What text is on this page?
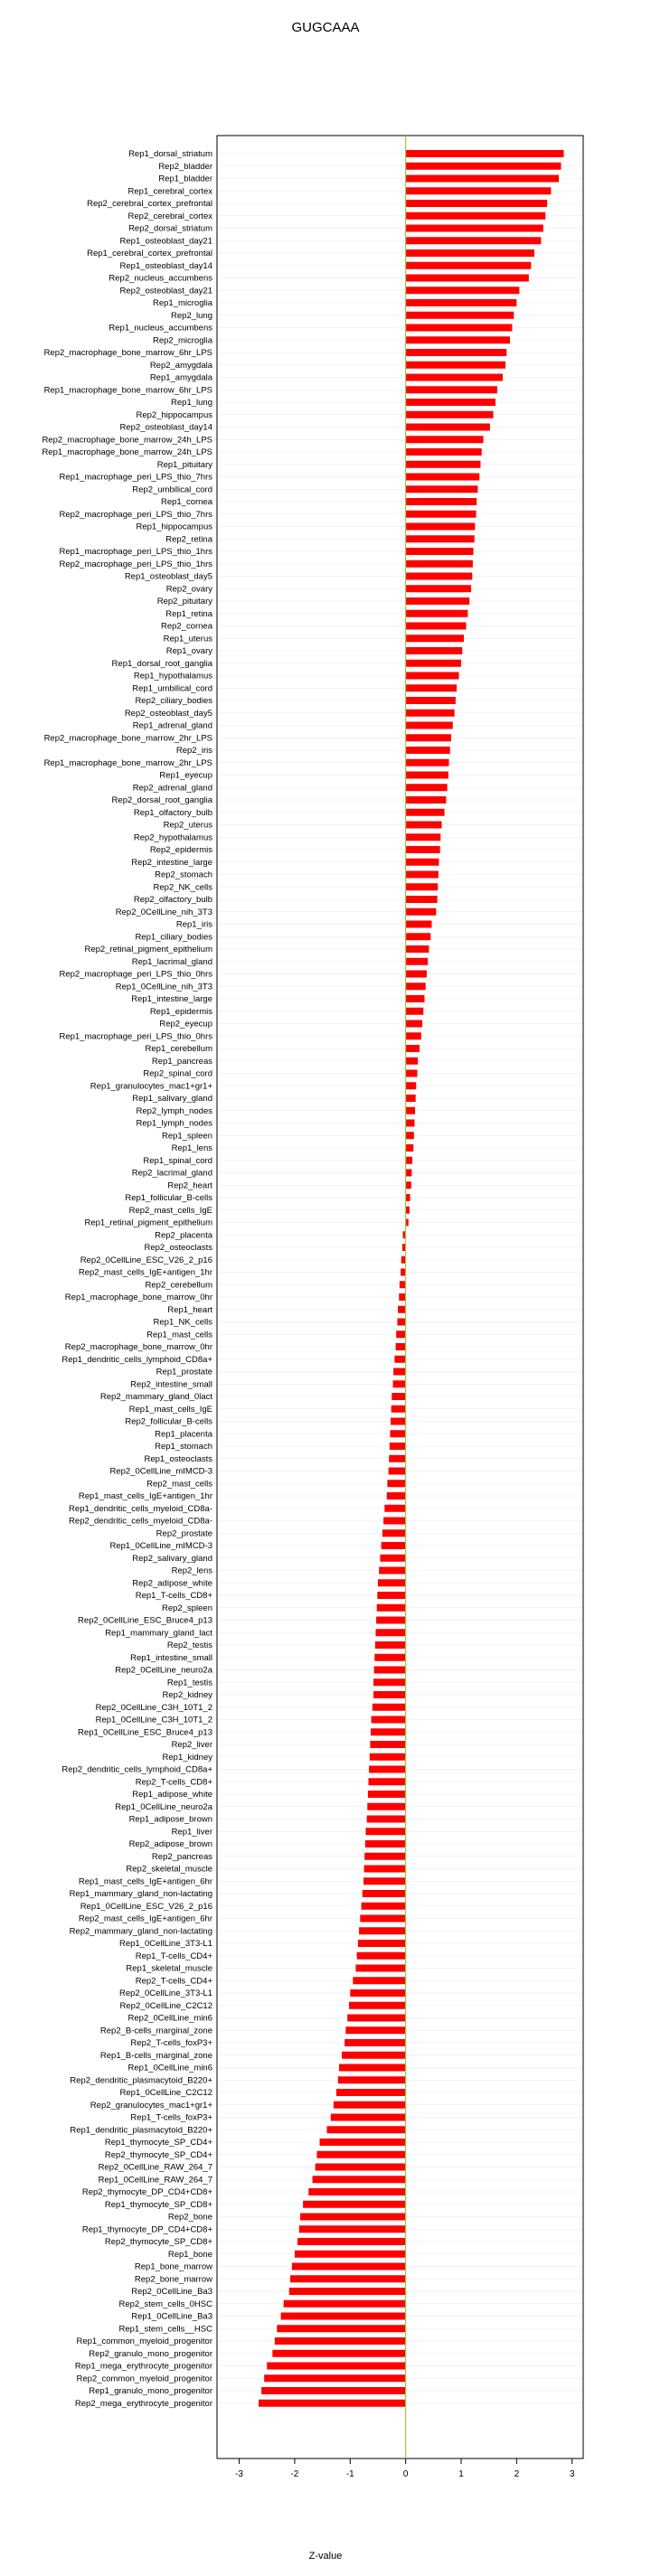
GUGCAAA
Rep1_dorsal_striatum
Rep2_bladder
Rep1_bladder
Rep1_cerebral_cortex
Rep2_cerebral_cortex_prefrontal
Rep2_cerebral_cortex
Rep2_dorsal_striatum
Rep1_osteoblast_day21
Rep1_cerebral_cortex_prefrontal
Rep1_osteoblast_day14
Rep2_nucleus_accumbens
Rep2_osteoblast_day21
Rep1_microglia
Rep2_lung
Rep1_nucleus_accumbens
Rep2_microglia
Rep2_macrophage_bone_marrow_6hr_LPS
Rep2_amygdala
Rep1_amygdala
Rep1_macrophage_bone_marrow_6hr_LPS
Rep1_lung
Rep2_hippocampus
Rep2_osteoblast_day14
Rep2_macrophage_bone_marrow_24h_LPS
Rep1_macrophage_bone_marrow_24h_LPS
Rep1_pituitary
Rep1_macrophage_peri_LPS_thio_7hrs
Rep2_umbilical_cord
Rep1_cornea
Rep2_macrophage_peri_LPS_thio_7hrs
Rep1_hippocampus
Rep2_retina
Rep1_macrophage_peri_LPS_thio_1hrs
Rep2_macrophage_peri_LPS_thio_1hrs
Rep1_osteoblast_day5
Rep2_ovary
Rep2_pituitary
Rep1_retina
Rep2_cornea
Rep1_uterus
Rep1_ovary
Rep1_dorsal_root_ganglia
Rep1_hypothalamus
Rep1_umbilical_cord
Rep2_ciliary_bodies
Rep2_osteoblast_day5
Rep1_adrenal_gland
Rep2_macrophage_bone_marrow_2hr_LPS
Rep2_iris
Rep1_macrophage_bone_marrow_2hr_LPS
Rep1_eyecup
Rep2_adrenal_gland
Rep2_dorsal_root_ganglia
Rep1_olfactory_bulb
Rep2_uterus
Rep2_hypothalamus
Rep2_epidermis
Rep2_intestine_large
Rep2_stomach
Rep2_NK_cells
Rep2_olfactory_bulb
Rep2_0CellLine_nih_3T3
Rep1_iris
Rep1_ciliary_bodies
Rep2_retinal_pigment_epithelium
Rep1_lacrimal_gland
Rep2_macrophage_peri_LPS_thio_0hrs
Rep1_0CellLine_nih_3T3
Rep1_intestine_large
Rep1_epidermis
Rep2_eyecup
Rep1_macrophage_peri_LPS_thio_0hrs
Rep1_cerebellum
Rep1_pancreas
Rep2_spinal_cord
Rep1_granulocytes_mac1+gr1+
Rep1_salivary_gland
Rep2_lymph_nodes
Rep1_lymph_nodes
Rep1_spleen
Rep1_lens
Rep1_spinal_cord
Rep2_lacrimal_gland
Rep2_heart
Rep1_follicular_B-cells
Rep2_mast_cells_IgE
Rep1_retinal_pigment_epithelium
Rep2_placenta
Rep2_osteoclasts
Rep2_0CellLine_ESC_V26_2_p16
Rep2_mast_cells_IgE+antigen_1hr
Rep2_cerebellum
Rep1_macrophage_bone_marrow_0hr
Rep1_heart
Rep1_NK_cells
Rep1_mast_cells
Rep2_macrophage_bone_marrow_0hr
Rep1_dendritic_cells_lymphoid_CD8a+
Rep1_prostate
Rep2_intestine_small
Rep2_mammary_gland_0lact
Rep1_mast_cells_IgE
Rep2_follicular_B-cells
Rep1_placenta
Rep1_stomach
Rep1_osteoclasts
Rep2_0CellLine_mIMCD-3
Rep2_mast_cells
Rep1_mast_cells_IgE+antigen_1hr
Rep1_dendritic_cells_myeloid_CD8a-
Rep2_dendritic_cells_myeloid_CD8a-
Rep2_prostate
Rep1_0CellLine_mIMCD-3
Rep2_salivary_gland
Rep2_lens
Rep2_adipose_white
Rep1_T-cells_CD8+
Rep2_spleen
Rep2_0CellLine_ESC_Bruce4_p13
Rep1_mammary_gland_lact
Rep2_testis
Rep1_intestine_small
Rep2_0CellLine_neuro2a
Rep1_testis
Rep2_kidney
Rep2_0CellLine_C3H_10T1_2
Rep1_0CellLine_C3H_10T1_2
Rep1_0CellLine_ESC_Bruce4_p13
Rep2_liver
Rep1_kidney
Rep2_dendritic_cells_lymphoid_CD8a+
Rep2_T-cells_CD8+
Rep1_adipose_white
Rep1_0CellLine_neuro2a
Rep1_adipose_brown
Rep1_liver
Rep2_adipose_brown
Rep2_pancreas
Rep2_skeletal_muscle
Rep1_mast_cells_IgE+antigen_6hr
Rep1_mammary_gland_non-lactating
Rep1_0CellLine_ESC_V26_2_p16
Rep2_mast_cells_IgE+antigen_6hr
Rep2_mammary_gland_non-lactating
Rep1_0CellLine_3T3-L1
Rep1_T-cells_CD4+
Rep1_skeletal_muscle
Rep2_T-cells_CD4+
Rep2_0CellLine_3T3-L1
Rep2_0CellLine_C2C12
Rep2_0CellLine_min6
Rep2_B-cells_marginal_zone
Rep2_T-cells_foxP3+
Rep1_B-cells_marginal_zone
Rep1_0CellLine_min6
Rep2_dendritic_plasmacytoid_B220+
Rep1_0CellLine_C2C12
Rep2_granulocytes_mac1+gr1+
Rep1_T-cells_foxP3+
Rep1_dendritic_plasmacytoid_B220+
Rep1_thymocyte_SP_CD4+
Rep2_thymocyte_SP_CD4+
Rep2_0CellLine_RAW_264_7
Rep1_0CellLine_RAW_264_7
Rep2_thymocyte_DP_CD4+CD8+
Rep1_thymocyte_SP_CD8+
Rep2_bone
Rep1_thymocyte_DP_CD4+CD8+
Rep2_thymocyte_SP_CD8+
Rep1_bone
Rep1_bone_marrow
Rep2_bone_marrow
Rep2_0CellLine_Ba3
Rep2_stem_cells_0HSC
Rep1_0CellLine_Ba3
Rep1_stem_cells__HSC
Rep1_common_myeloid_progenitor
Rep2_granulo_mono_progenitor
Rep1_mega_erythrocyte_progenitor
Rep2_common_myeloid_progenitor
Rep1_granulo_mono_progenitor
Rep2_mega_erythrocyte_progenitor
-3	-2	-1	0	1	2	3
Z-value
